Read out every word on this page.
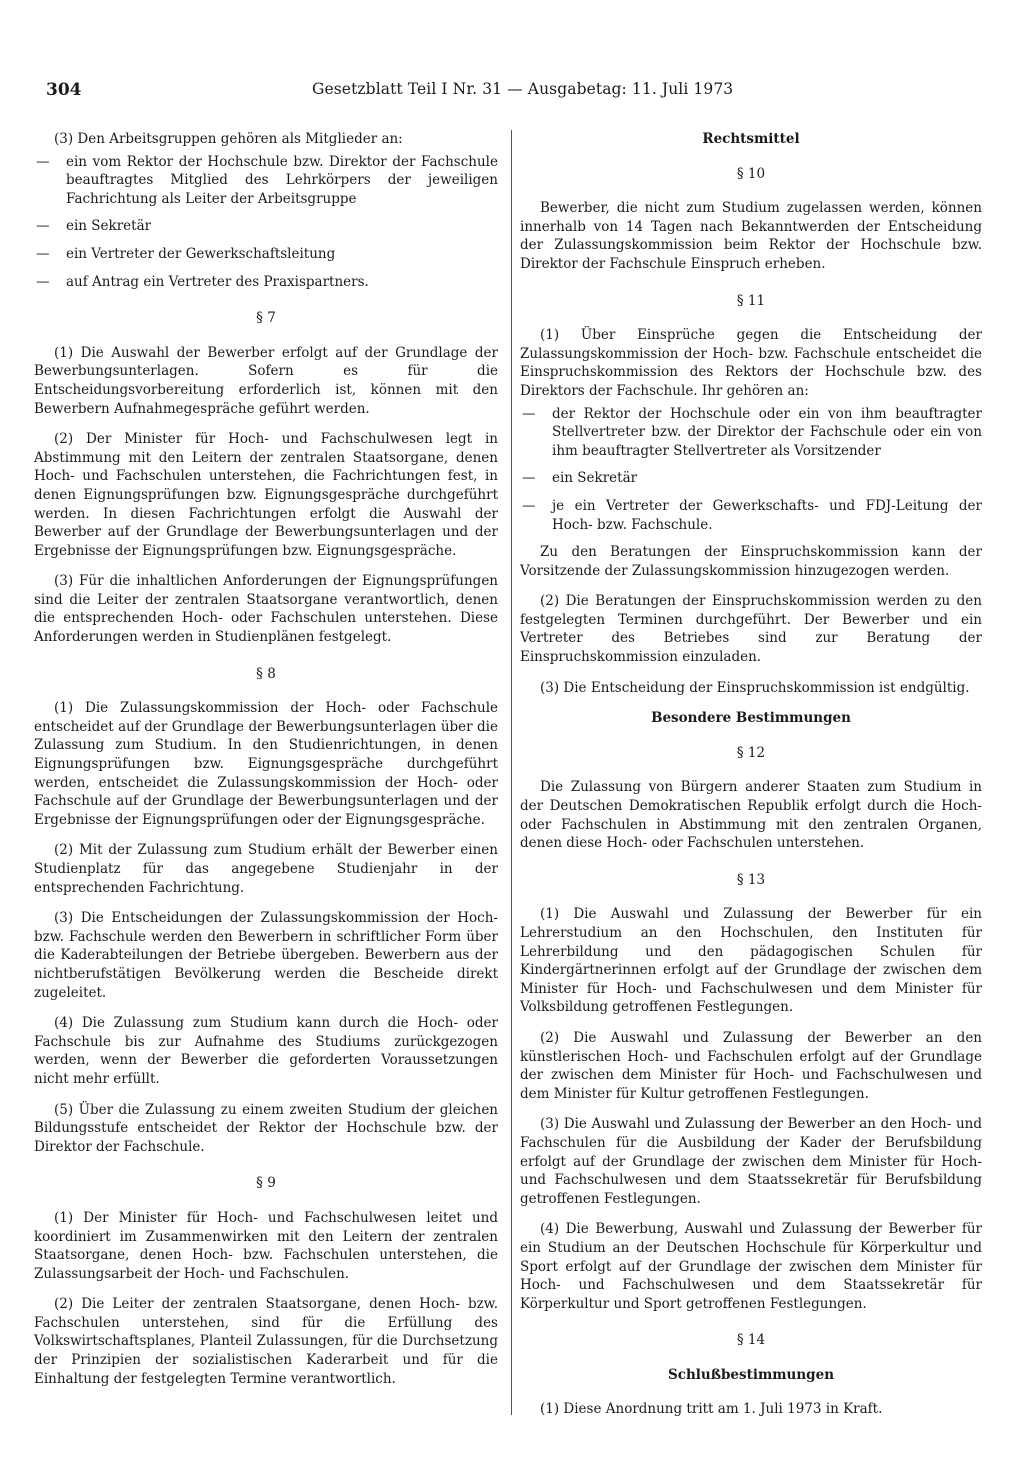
304	Gesetzblatt Teil I Nr. 31 — Ausgabetag: 11. Juli 1973

(3) Den Arbeitsgruppen gehören als Mitglieder an:

—	ein vom Rektor der Hochschule bzw. Direktor der Fachschule beauftragtes Mitglied des Lehrkörpers der jeweiligen Fachrichtung als Leiter der Arbeitsgruppe
—	ein Sekretär
—	ein Vertreter der Gewerkschaftsleitung
—	auf Antrag ein Vertreter des Praxispartners.
§ 7

(1) Die Auswahl der Bewerber erfolgt auf der Grundlage der Bewerbungsunterlagen. Sofern es für die Entscheidungsvorbereitung erforderlich ist, können mit den Bewerbern Aufnahmegespräche geführt werden.

(2) Der Minister für Hoch- und Fachschulwesen legt in Abstimmung mit den Leitern der zentralen Staatsorgane, denen Hoch- und Fachschulen unterstehen, die Fachrichtungen fest, in denen Eignungsprüfungen bzw. Eignungsgespräche durchgeführt werden. In diesen Fachrichtungen erfolgt die Auswahl der Bewerber auf der Grundlage der Bewerbungsunterlagen und der Ergebnisse der Eignungsprüfungen bzw. Eignungsgespräche.

(3) Für die inhaltlichen Anforderungen der Eignungsprüfungen sind die Leiter der zentralen Staatsorgane verantwortlich, denen die entsprechenden Hoch- oder Fachschulen unterstehen. Diese Anforderungen werden in Studienplänen festgelegt.

§ 8

(1) Die Zulassungskommission der Hoch- oder Fachschule entscheidet auf der Grundlage der Bewerbungsunterlagen über die Zulassung zum Studium. In den Studienrichtungen, in denen Eignungsprüfungen bzw. Eignungsgespräche durchgeführt werden, entscheidet die Zulassungskommission der Hoch- oder Fachschule auf der Grundlage der Bewerbungsunterlagen und der Ergebnisse der Eignungsprüfungen oder der Eignungsgespräche.

(2) Mit der Zulassung zum Studium erhält der Bewerber einen Studienplatz für das angegebene Studienjahr in der entsprechenden Fachrichtung.

(3) Die Entscheidungen der Zulassungskommission der Hoch- bzw. Fachschule werden den Bewerbern in schriftlicher Form über die Kaderabteilungen der Betriebe übergeben. Bewerbern aus der nichtberufstätigen Bevölkerung werden die Bescheide direkt zugeleitet.

(4) Die Zulassung zum Studium kann durch die Hoch- oder Fachschule bis zur Aufnahme des Studiums zurückgezogen werden, wenn der Bewerber die geforderten Voraussetzungen nicht mehr erfüllt.

(5) Über die Zulassung zu einem zweiten Studium der gleichen Bildungsstufe entscheidet der Rektor der Hochschule bzw. der Direktor der Fachschule.

§ 9

(1) Der Minister für Hoch- und Fachschulwesen leitet und koordiniert im Zusammenwirken mit den Leitern der zentralen Staatsorgane, denen Hoch- bzw. Fachschulen unterstehen, die Zulassungsarbeit der Hoch- und Fachschulen.

(2) Die Leiter der zentralen Staatsorgane, denen Hoch- bzw. Fachschulen unterstehen, sind für die Erfüllung des Volkswirtschaftsplanes, Planteil Zulassungen, für die Durchsetzung der Prinzipien der sozialistischen Kaderarbeit und für die Einhaltung der festgelegten Termine verantwortlich.

Rechtsmittel
§ 10

Bewerber, die nicht zum Studium zugelassen werden, können innerhalb von 14 Tagen nach Bekanntwerden der Entscheidung der Zulassungskommission beim Rektor der Hochschule bzw. Direktor der Fachschule Einspruch erheben.

§ 11

(1) Über Einsprüche gegen die Entscheidung der Zulassungskommission der Hoch- bzw. Fachschule entscheidet die Einspruchskommission des Rektors der Hochschule bzw. des Direktors der Fachschule. Ihr gehören an:

—	der Rektor der Hochschule oder ein von ihm beauftragter Stellvertreter bzw. der Direktor der Fachschule oder ein von ihm beauftragter Stellvertreter als Vorsitzender
—	ein Sekretär
—	je ein Vertreter der Gewerkschafts- und FDJ-Leitung der Hoch- bzw. Fachschule.

Zu den Beratungen der Einspruchskommission kann der Vorsitzende der Zulassungskommission hinzugezogen werden.

(2) Die Beratungen der Einspruchskommission werden zu den festgelegten Terminen durchgeführt. Der Bewerber und ein Vertreter des Betriebes sind zur Beratung der Einspruchskommission einzuladen.

(3) Die Entscheidung der Einspruchskommission ist endgültig.

Besondere Bestimmungen
§ 12

Die Zulassung von Bürgern anderer Staaten zum Studium in der Deutschen Demokratischen Republik erfolgt durch die Hoch- oder Fachschulen in Abstimmung mit den zentralen Organen, denen diese Hoch- oder Fachschulen unterstehen.

§ 13

(1) Die Auswahl und Zulassung der Bewerber für ein Lehrerstudium an den Hochschulen, den Instituten für Lehrerbildung und den pädagogischen Schulen für Kindergärtnerinnen erfolgt auf der Grundlage der zwischen dem Minister für Hoch- und Fachschulwesen und dem Minister für Volksbildung getroffenen Festlegungen.

(2) Die Auswahl und Zulassung der Bewerber an den künstlerischen Hoch- und Fachschulen erfolgt auf der Grundlage der zwischen dem Minister für Hoch- und Fachschulwesen und dem Minister für Kultur getroffenen Festlegungen.

(3) Die Auswahl und Zulassung der Bewerber an den Hoch- und Fachschulen für die Ausbildung der Kader der Berufsbildung erfolgt auf der Grundlage der zwischen dem Minister für Hoch- und Fachschulwesen und dem Staatssekretär für Berufsbildung getroffenen Festlegungen.

(4) Die Bewerbung, Auswahl und Zulassung der Bewerber für ein Studium an der Deutschen Hochschule für Körperkultur und Sport erfolgt auf der Grundlage der zwischen dem Minister für Hoch- und Fachschulwesen und dem Staatssekretär für Körperkultur und Sport getroffenen Festlegungen.

§ 14
Schlußbestimmungen

(1) Diese Anordnung tritt am 1. Juli 1973 in Kraft.
